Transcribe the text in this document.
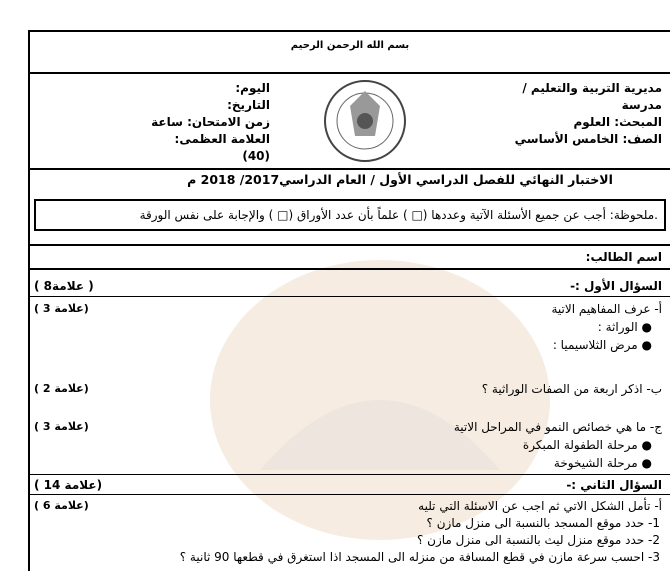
بسم الله الرحمن الرحيم
مديرية التربية والتعليم /
مدرسة
المبحث: العلوم
الصف: الخامس الأساسي
اليوم:
التاريخ:
زمن الامتحان: ساعة
العلامة العظمى: (40)
الاختبار النهائي للفصل الدراسي الأول / العام الدراسي2017/ 2018 م
.ملحوظة: أجب عن جميع الأسئلة الآتية وعددها (□ ) علماً بأن عدد الأوراق (□ ) والإجابة على نفس الورقة
اسم الطالب:
السؤال الأول :-
( 8علامة )
أ- عرف المفاهيم الاتية
( 3 علامة)
● الوراثة :
● مرض الثلاسيميا :
ب- اذكر اربعة من الصفات الوراثية ؟
( 2 علامة)
ج- ما هي خصائص النمو في المراحل الاتية
( 3 علامة)
● مرحلة الطفولة المبكرة
● مرحلة الشيخوخة
السؤال الثاني :-
( 14 علامة)
أ- تأمل الشكل الاتي ثم اجب عن الاسئلة التي تليه
( 6 علامة)
1- حدد موقع المسجد بالنسبة الى منزل مازن ؟
2- حدد موقع منزل ليث بالنسبة الى منزل مازن ؟
3- احسب سرعة مازن في قطع المسافة من منزله الى المسجد اذا استغرق في قطعها 90 ثانية ؟
